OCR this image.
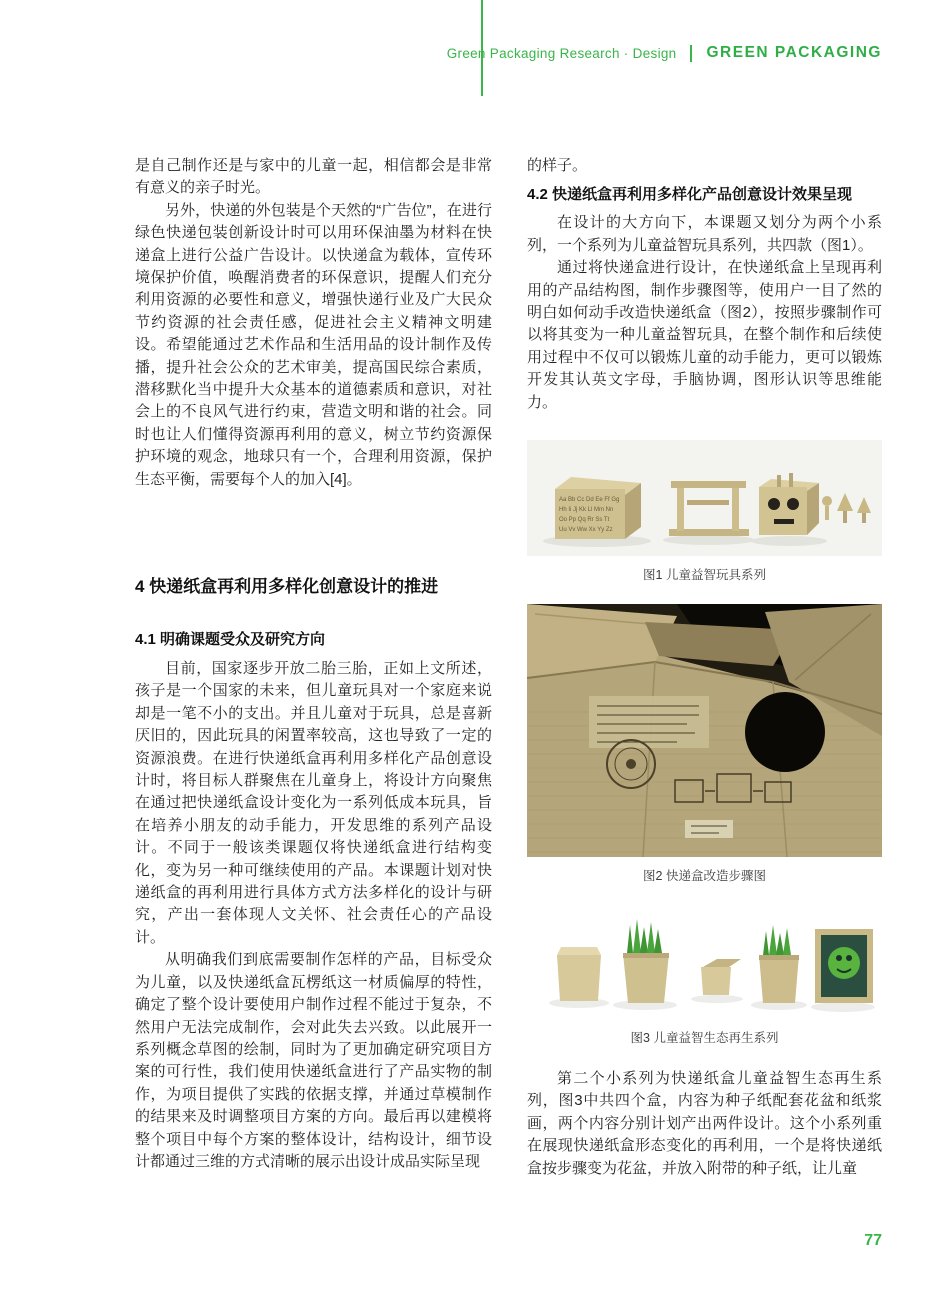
Green Packaging Research · Design GREEN PACKAGING

是自己制作还是与家中的儿童一起，相信都会是非常有意义的亲子时光。

另外，快递的外包装是个天然的“广告位”，在进行绿色快递包装创新设计时可以用环保油墨为材料在快递盒上进行公益广告设计。以快递盒为载体，宣传环境保护价值，唤醒消费者的环保意识，提醒人们充分利用资源的必要性和意义，增强快递行业及广大民众节约资源的社会责任感，促进社会主义精神文明建设。希望能通过艺术作品和生活用品的设计制作及传播，提升社会公众的艺术审美，提高国民综合素质，潜移默化当中提升大众基本的道德素质和意识，对社会上的不良风气进行约束，营造文明和谐的社会。同时也让人们懂得资源再利用的意义，树立节约资源保护环境的观念，地球只有一个，合理利用资源，保护生态平衡，需要每个人的加入[4]。

4 快递纸盒再利用多样化创意设计的推进
4.1 明确课题受众及研究方向

目前，国家逐步开放二胎三胎，正如上文所述，孩子是一个国家的未来，但儿童玩具对一个家庭来说却是一笔不小的支出。并且儿童对于玩具，总是喜新厌旧的，因此玩具的闲置率较高，这也导致了一定的资源浪费。在进行快递纸盒再利用多样化产品创意设计时，将目标人群聚焦在儿童身上，将设计方向聚焦在通过把快递纸盒设计变化为一系列低成本玩具，旨在培养小朋友的动手能力，开发思维的系列产品设计。不同于一般该类课题仅将快递纸盒进行结构变化，变为另一种可继续使用的产品。本课题计划对快递纸盒的再利用进行具体方式方法多样化的设计与研究，产出一套体现人文关怀、社会责任心的产品设计。

从明确我们到底需要制作怎样的产品，目标受众为儿童，以及快递纸盒瓦楞纸这一材质偏厚的特性，确定了整个设计要使用户制作过程不能过于复杂，不然用户无法完成制作，会对此失去兴致。以此展开一系列概念草图的绘制，同时为了更加确定研究项目方案的可行性，我们使用快递纸盒进行了产品实物的制作，为项目提供了实践的依据支撑，并通过草模制作的结果来及时调整项目方案的方向。最后再以建模将整个项目中每个方案的整体设计，结构设计，细节设计都通过三维的方式清晰的展示出设计成品实际呈现

的样子。

4.2 快递纸盒再利用多样化产品创意设计效果呈现

在设计的大方向下，本课题又划分为两个小系列，一个系列为儿童益智玩具系列，共四款（图1）。

通过将快递盒进行设计，在快递纸盒上呈现再利用的产品结构图，制作步骤图等，使用户一目了然的明白如何动手改造快递纸盒（图2），按照步骤制作可以将其变为一种儿童益智玩具，在整个制作和后续使用过程中不仅可以锻炼儿童的动手能力，更可以锻炼开发其认英文字母，手脑协调，图形认识等思维能力。

Aa Bb Cc Dd Ee Ff Gg
Hh Ii Jj Kk Ll Mm Nn
Oo Pp Qq Rr Ss Tt
Uu Vv Ww Xx Yy Zz
图1 儿童益智玩具系列
图2 快递盒改造步骤图
图3 儿童益智生态再生系列

第二个小系列为快递纸盒儿童益智生态再生系列，图3中共四个盒，内容为种子纸配套花盆和纸浆画，两个内容分别计划产出两件设计。这个小系列重在展现快递纸盒形态变化的再利用，一个是将快递纸盒按步骤变为花盆，并放入附带的种子纸，让儿童

77
